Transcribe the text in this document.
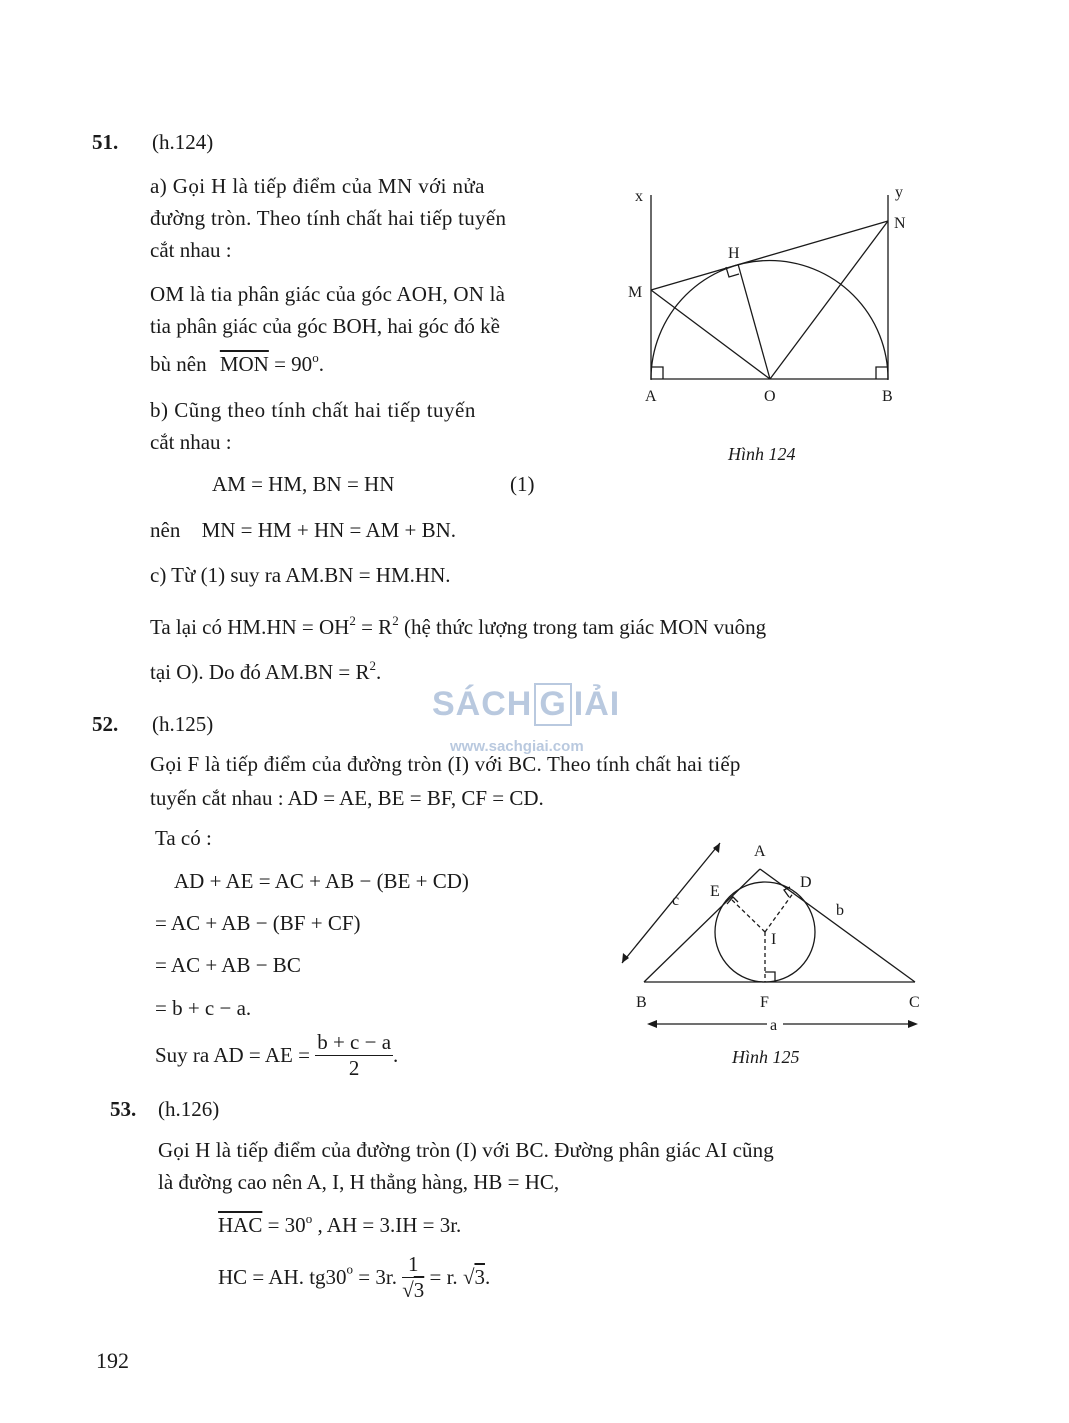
51. (h.124)
a) Gọi H là tiếp điểm của MN với nửa
đường tròn. Theo tính chất hai tiếp tuyến
cắt nhau :
OM là tia phân giác của góc AOH, ON là
tia phân giác của góc BOH, hai góc đó kề
bù nên $\overline{MON} = 90^o$.
b) Cũng theo tính chất hai tiếp tuyến
cắt nhau :
AM = HM, BN = HN	(1)
nên MN = HM + HN = AM + BN.
c) Từ (1) suy ra AM.BN = HM.HN.
Ta lại có $HM.HN = OH^2 = R^2$ (hệ thức lượng trong tam giác MON vuông
tại O). Do đó $AM.BN = R^2$.
x	y
N
H
M
A	O	B
Hình 124
SÁCH G IẢI
www.sachgiai.com
52. (h.125)
Gọi F là tiếp điểm của đường tròn (I) với BC. Theo tính chất hai tiếp
tuyến cắt nhau : AD = AE, BE = BF, CF = CD.
Ta có :
AD + AE = AC + AB − (BE + CD)
= AC + AB − (BF + CF)
= AC + AB − BC
= b + c − a.
Suy ra AD = AE = $\frac{b + c - a}{2}$ .
A
E
D
b
c
I
B	F	C
a
Hình 125
53. (h.126)
Gọi H là tiếp điểm của đường tròn (I) với BC. Đường phân giác AI cũng
là đường cao nên A, I, H thẳng hàng, HB = HC,
$\overline{HAC} = 30^o$ , AH = 3.IH = 3r.
HC = AH. $tg30^o = 3r$. $\frac{1}{√3} = r$. √3.
192
